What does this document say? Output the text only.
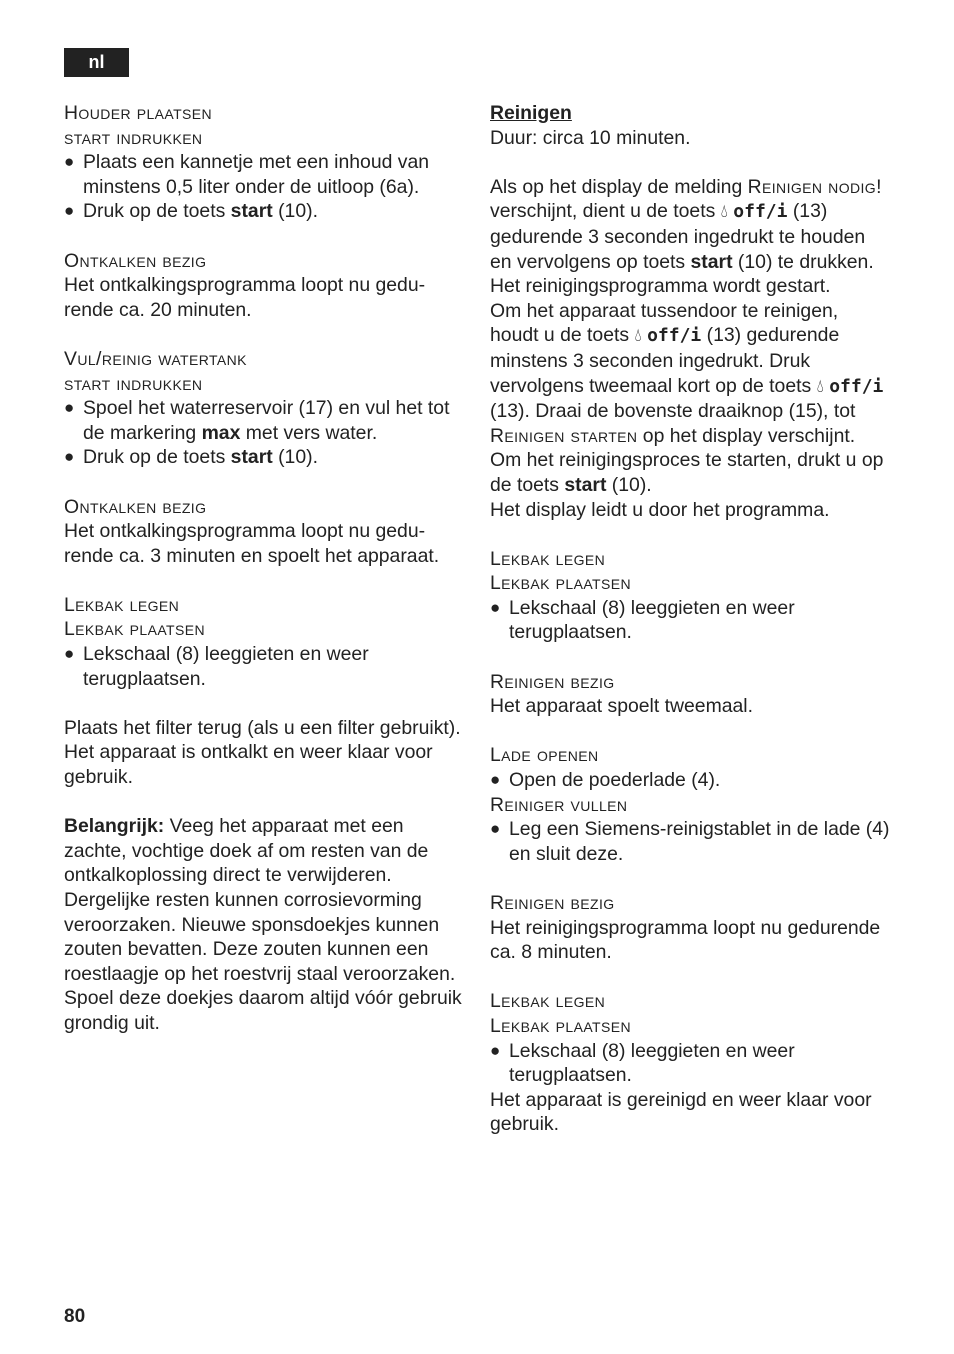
nl
Houder plaatsen
start indrukken
● Plaats een kannetje met een inhoud van minstens 0,5 liter onder de uitloop (6a).
● Druk op de toets start (10).
Ontkalken bezig
Het ontkalkingsprogramma loopt nu gedurende ca. 20 minuten.
Vul/reinig watertank
start indrukken
● Spoel het waterreservoir (17) en vul het tot de markering max met vers water.
● Druk op de toets start (10).
Ontkalken bezig
Het ontkalkingsprogramma loopt nu gedurende ca. 3 minuten en spoelt het apparaat.
Lekbak legen
Lekbak plaatsen
● Lekschaal (8) leeggieten en weer terugplaatsen.
Plaats het filter terug (als u een filter gebruikt). Het apparaat is ontkalkt en weer klaar voor gebruik.
Belangrijk: Veeg het apparaat met een zachte, vochtige doek af om resten van de ontkalkoplossing direct te verwijderen. Dergelijke resten kunnen corrosievorming veroorzaken. Nieuwe sponsdoekjes kunnen zouten bevatten. Deze zouten kunnen een roestlaagje op het roestvrij staal veroorzaken. Spoel deze doekjes daarom altijd vóór gebruik grondig uit.
Reinigen
Duur: circa 10 minuten.
Als op het display de melding Reinigen nodig! verschijnt, dient u de toets 💧︎ off/i (13) gedurende 3 seconden ingedrukt te houden en vervolgens op toets start (10) te drukken. Het reinigingsprogramma wordt gestart.
Om het apparaat tussendoor te reinigen, houdt u de toets 💧︎ off/i (13) gedurende minstens 3 seconden ingedrukt. Druk vervolgens tweemaal kort op de toets 💧︎ off/i (13). Draai de bovenste draaiknop (15), tot Reinigen starten op het display verschijnt. Om het reinigingsproces te starten, drukt u op de toets start (10).
Het display leidt u door het programma.
Lekbak legen
Lekbak plaatsen
● Lekschaal (8) leeggieten en weer terugplaatsen.
Reinigen bezig
Het apparaat spoelt tweemaal.
Lade openen
● Open de poederlade (4).
Reiniger vullen
● Leg een Siemens-reinigstablet in de lade (4) en sluit deze.
Reinigen bezig
Het reinigingsprogramma loopt nu gedurende ca. 8 minuten.
Lekbak legen
Lekbak plaatsen
● Lekschaal (8) leeggieten en weer terugplaatsen.
Het apparaat is gereinigd en weer klaar voor gebruik.
80
